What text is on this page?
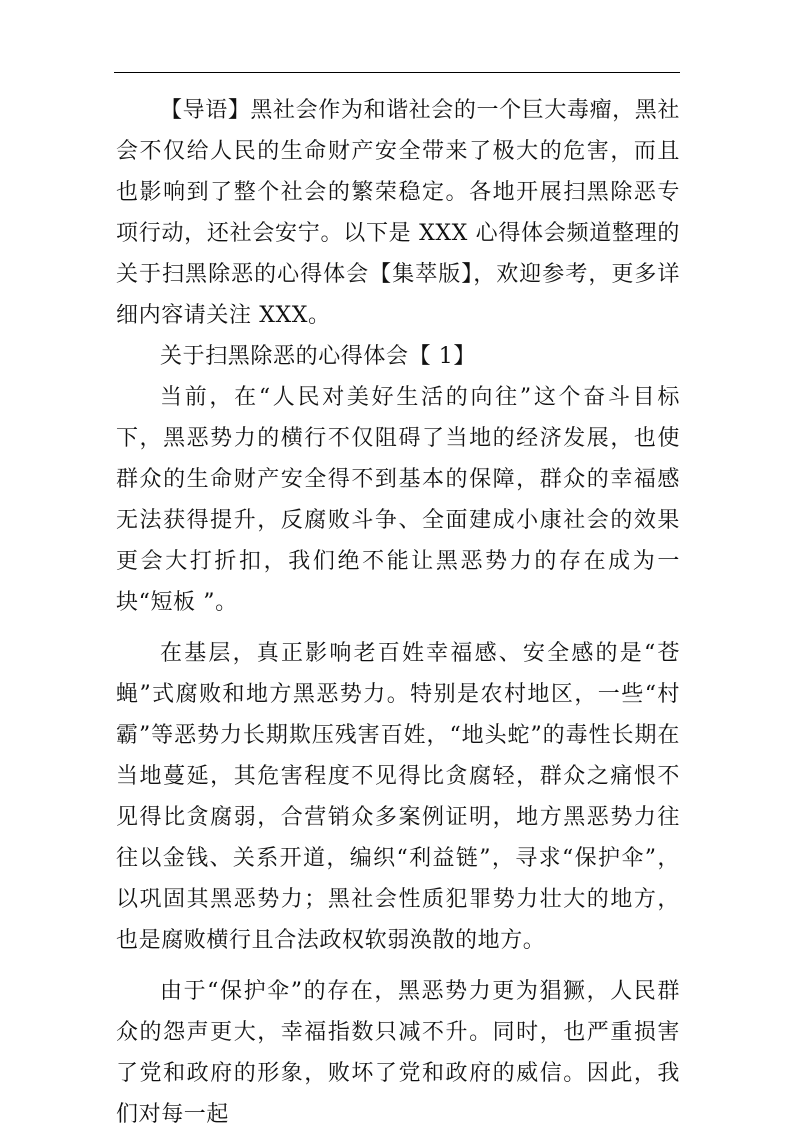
【导语】黑社会作为和谐社会的一个巨大毒瘤，黑社会不仅给人民的生命财产安全带来了极大的危害，而且也影响到了整个社会的繁荣稳定。各地开展扫黑除恶专项行动，还社会安宁。以下是 XXX 心得体会频道整理的关于扫黑除恶的心得体会【集萃版】，欢迎参考，更多详细内容请关注 XXX。

关于扫黑除恶的心得体会【 1】

当前，在“人民对美好生活的向往”这个奋斗目标下，黑恶势力的横行不仅阻碍了当地的经济发展，也使群众的生命财产安全得不到基本的保障，群众的幸福感无法获得提升，反腐败斗争、全面建成小康社会的效果更会大打折扣，我们绝不能让黑恶势力的存在成为一块“短板 ”。

在基层，真正影响老百姓幸福感、安全感的是“苍蝇”式腐败和地方黑恶势力。特别是农村地区，一些“村霸”等恶势力长期欺压残害百姓，“地头蛇”的毒性长期在当地蔓延，其危害程度不见得比贪腐轻，群众之痛恨不见得比贪腐弱，合营销众多案例证明，地方黑恶势力往往以金钱、关系开道，编织“利益链”，寻求“保护伞”，以巩固其黑恶势力；黑社会性质犯罪势力壮大的地方，也是腐败横行且合法政权软弱涣散的地方。

由于“保护伞”的存在，黑恶势力更为猖獗，人民群众的怨声更大，幸福指数只减不升。同时，也严重损害了党和政府的形象，败坏了党和政府的威信。因此，我们对每一起
